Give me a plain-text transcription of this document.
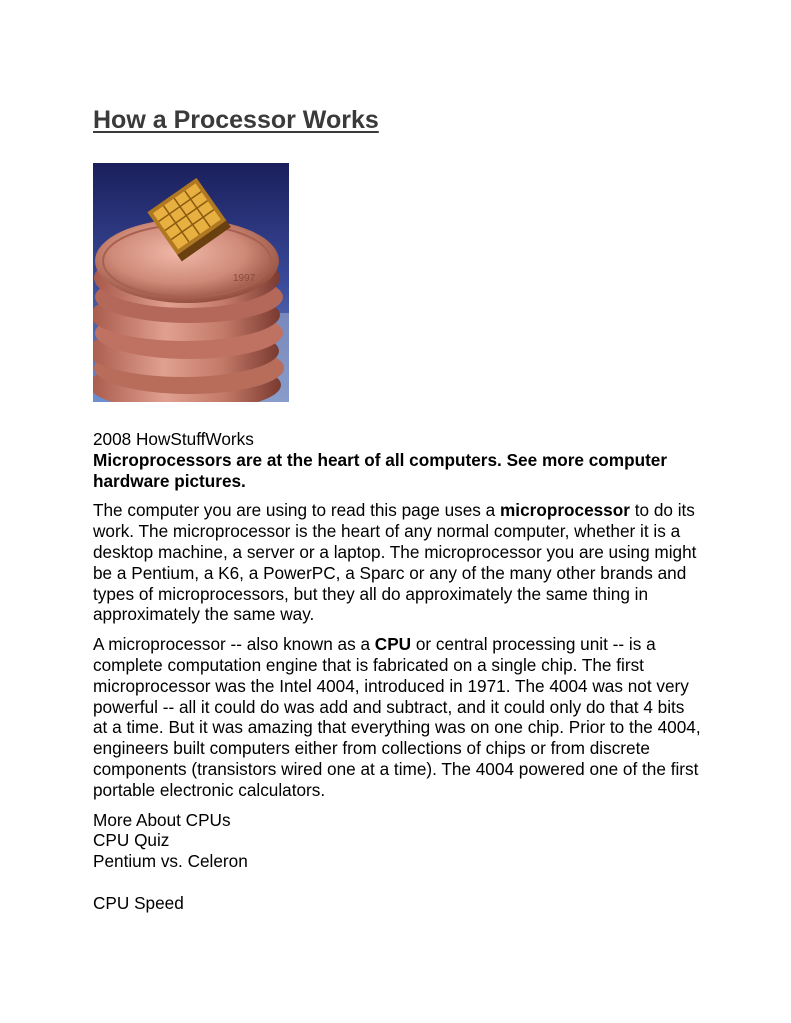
How a Processor Works
1997

2008 HowStuffWorks

Microprocessors are at the heart of all computers. See more computer hardware pictures.

The computer you are using to read this page uses a microprocessor to do its work. The microprocessor is the heart of any normal computer, whether it is a desktop machine, a server or a laptop. The microprocessor you are using might be a Pentium, a K6, a PowerPC, a Sparc or any of the many other brands and types of microprocessors, but they all do approximately the same thing in approximately the same way.

A microprocessor -- also known as a CPU or central processing unit -- is a complete computation engine that is fabricated on a single chip. The first microprocessor was the Intel 4004, introduced in 1971. The 4004 was not very powerful -- all it could do was add and subtract, and it could only do that 4 bits at a time. But it was amazing that everything was on one chip. Prior to the 4004, engineers built computers either from collections of chips or from discrete components (transistors wired one at a time). The 4004 powered one of the first portable electronic calculators.

More About CPUs
CPU Quiz
Pentium vs. Celeron
CPU Speed
